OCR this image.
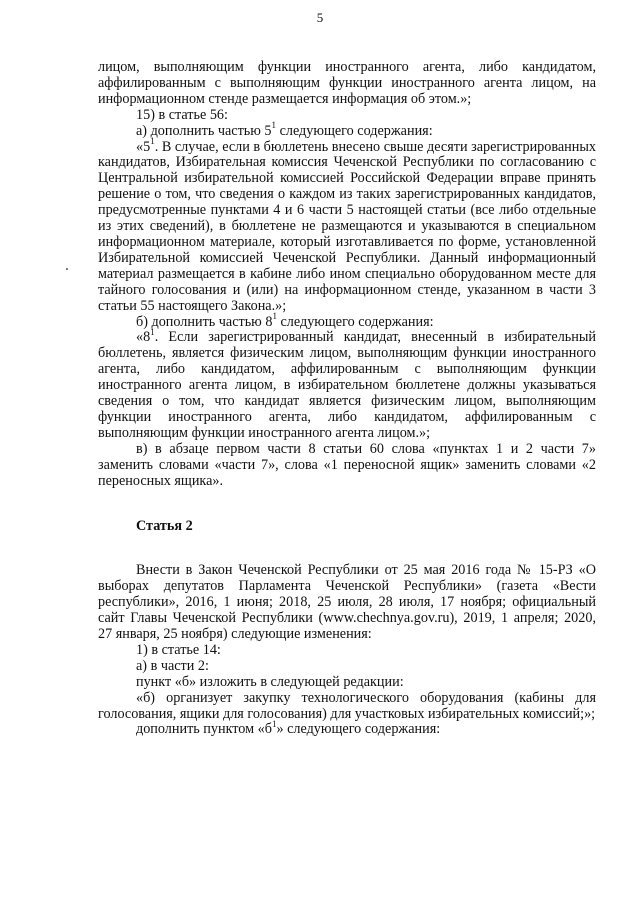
5

лицом, выполняющим функции иностранного агента, либо кандидатом, аффилированным с выполняющим функции иностранного агента лицом, на информационном стенде размещается информация об этом.»;

15) в статье 56:

а) дополнить частью $5^1$ следующего содержания:

«$5^1$. В случае, если в бюллетень внесено свыше десяти зарегистрированных кандидатов, Избирательная комиссия Чеченской Республики по согласованию с Центральной избирательной комиссией Российской Федерации вправе принять решение о том, что сведения о каждом из таких зарегистрированных кандидатов, предусмотренные пунктами 4 и 6 части 5 настоящей статьи (все либо отдельные из этих сведений), в бюллетене не размещаются и указываются в специальном информационном материале, который изготавливается по форме, установленной Избирательной комиссией Чеченской Республики. Данный информационный материал размещается в кабине либо ином специально оборудованном месте для тайного голосования и (или) на информационном стенде, указанном в части 3 статьи 55 настоящего Закона.»;

б) дополнить частью $8^1$ следующего содержания:

«$8^1$. Если зарегистрированный кандидат, внесенный в избирательный бюллетень, является физическим лицом, выполняющим функции иностранного агента, либо кандидатом, аффилированным с выполняющим функции иностранного агента лицом, в избирательном бюллетене должны указываться сведения о том, что кандидат является физическим лицом, выполняющим функции иностранного агента, либо кандидатом, аффилированным с выполняющим функции иностранного агента лицом.»;

в) в абзаце первом части 8 статьи 60 слова «пунктах 1 и 2 части 7» заменить словами «части 7», слова «1 переносной ящик» заменить словами «2 переносных ящика».

Статья 2

Внести в Закон Чеченской Республики от 25 мая 2016 года № 15-РЗ «О выборах депутатов Парламента Чеченской Республики» (газета «Вести республики», 2016, 1 июня; 2018, 25 июля, 28 июля, 17 ноября; официальный сайт Главы Чеченской Республики (www.chechnya.gov.ru), 2019, 1 апреля; 2020, 27 января, 25 ноября) следующие изменения:

1) в статье 14:

а) в части 2:

пункт «б» изложить в следующей редакции:

«б) организует закупку технологического оборудования (кабины для голосования, ящики для голосования) для участковых избирательных комиссий;»;

дополнить пунктом «$б^1$» следующего содержания:
